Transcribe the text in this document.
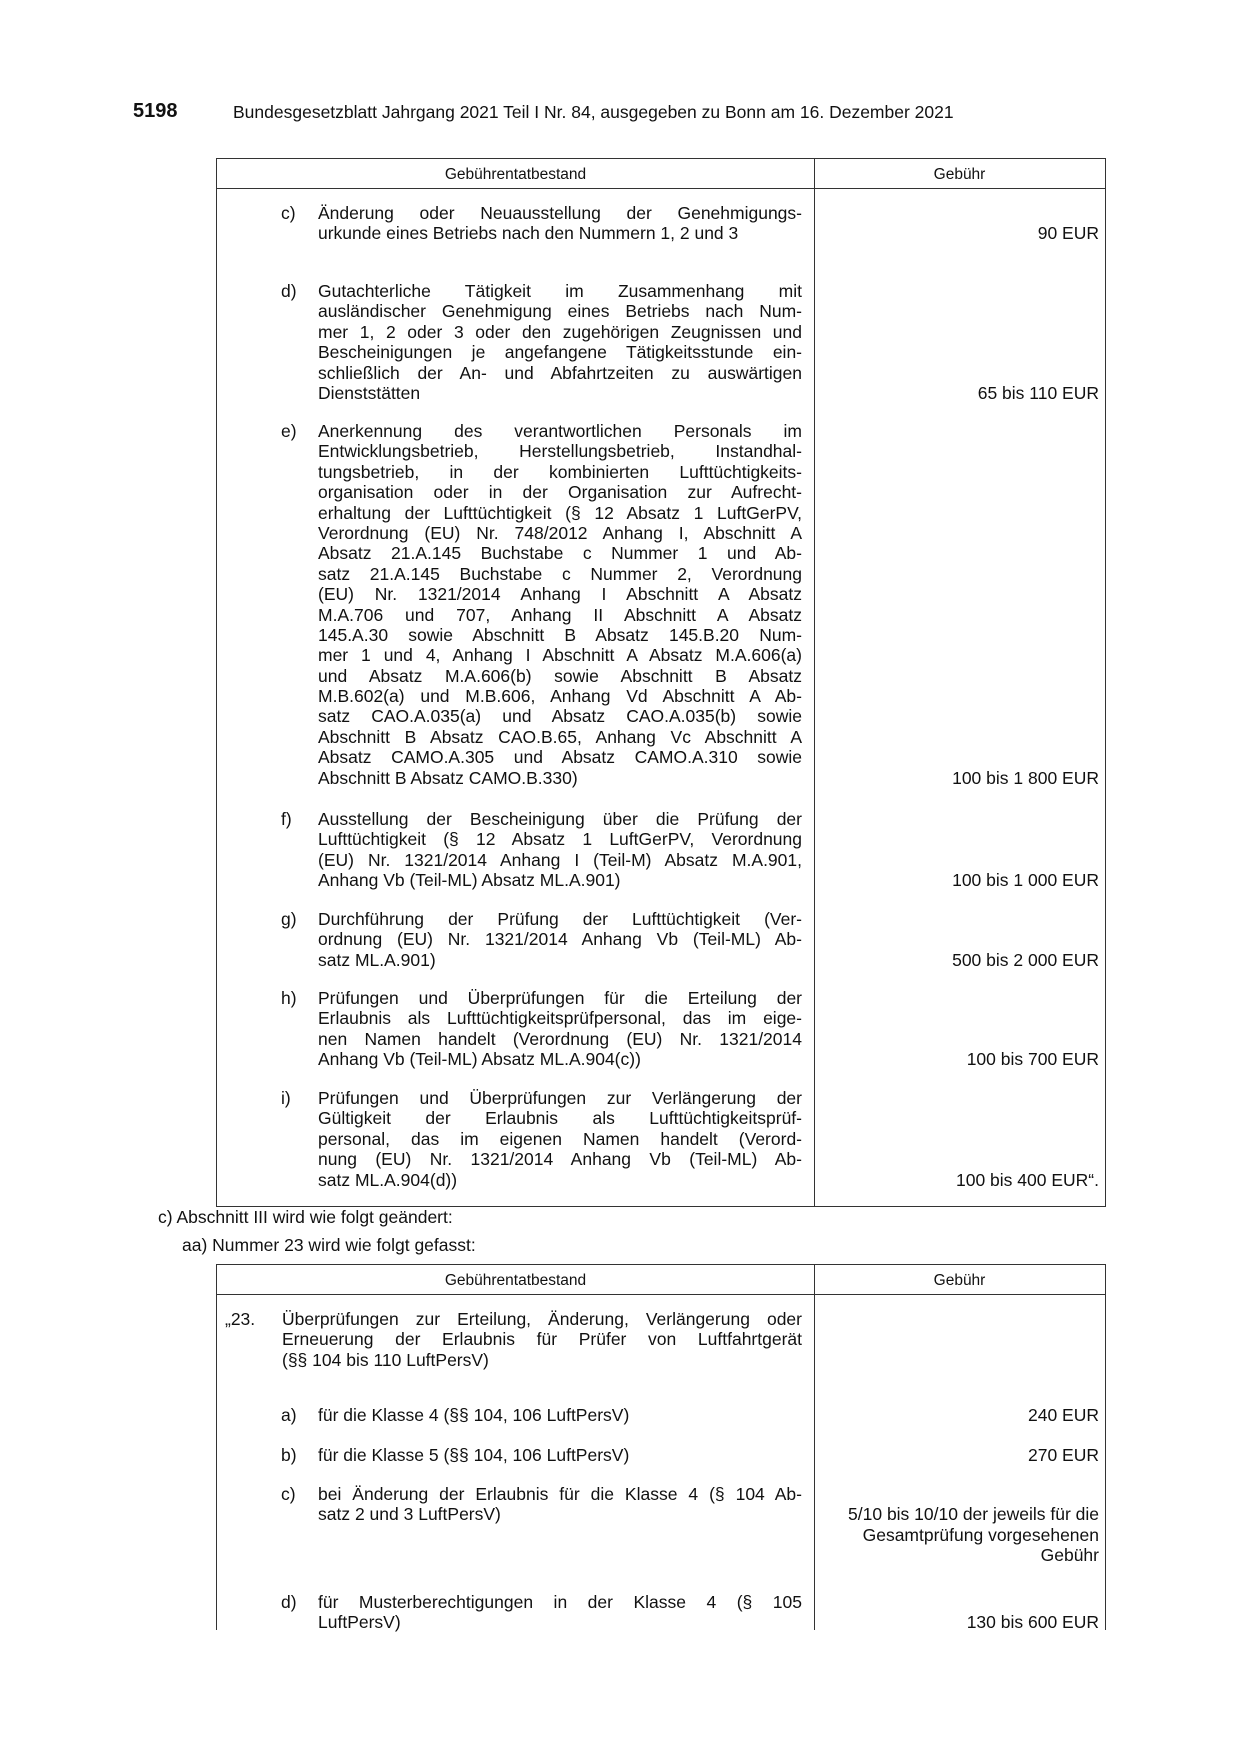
5198	Bundesgesetzblatt Jahrgang 2021 Teil I Nr. 84, ausgegeben zu Bonn am 16. Dezember 2021
Gebührentatbestand	Gebühr
c) Änderung oder Neuausstellung der Genehmigungs-
urkunde eines Betriebs nach den Nummern 1, 2 und 3	90 EUR
d) Gutachterliche Tätigkeit im Zusammenhang mit
ausländischer Genehmigung eines Betriebs nach Num-
mer 1, 2 oder 3 oder den zugehörigen Zeugnissen und
Bescheinigungen je angefangene Tätigkeitsstunde ein-
schließlich der An- und Abfahrtzeiten zu auswärtigen
Dienststätten	65 bis 110 EUR
e) Anerkennung des verantwortlichen Personals im
Entwicklungsbetrieb, Herstellungsbetrieb, Instandhal-
tungsbetrieb, in der kombinierten Lufttüchtigkeits-
organisation oder in der Organisation zur Aufrecht-
erhaltung der Lufttüchtigkeit (§ 12 Absatz 1 LuftGerPV,
Verordnung (EU) Nr. 748/2012 Anhang I, Abschnitt A
Absatz 21.A.145 Buchstabe c Nummer 1 und Ab-
satz 21.A.145 Buchstabe c Nummer 2, Verordnung
(EU) Nr. 1321/2014 Anhang I Abschnitt A Absatz
M.A.706 und 707, Anhang II Abschnitt A Absatz
145.A.30 sowie Abschnitt B Absatz 145.B.20 Num-
mer 1 und 4, Anhang I Abschnitt A Absatz M.A.606(a)
und Absatz M.A.606(b) sowie Abschnitt B Absatz
M.B.602(a) und M.B.606, Anhang Vd Abschnitt A Ab-
satz CAO.A.035(a) und Absatz CAO.A.035(b) sowie
Abschnitt B Absatz CAO.B.65, Anhang Vc Abschnitt A
Absatz CAMO.A.305 und Absatz CAMO.A.310 sowie
Abschnitt B Absatz CAMO.B.330)	100 bis 1 800 EUR
f) Ausstellung der Bescheinigung über die Prüfung der
Lufttüchtigkeit (§ 12 Absatz 1 LuftGerPV, Verordnung
(EU) Nr. 1321/2014 Anhang I (Teil-M) Absatz M.A.901,
Anhang Vb (Teil-ML) Absatz ML.A.901)	100 bis 1 000 EUR
g) Durchführung der Prüfung der Lufttüchtigkeit (Ver-
ordnung (EU) Nr. 1321/2014 Anhang Vb (Teil-ML) Ab-
satz ML.A.901)	500 bis 2 000 EUR
h) Prüfungen und Überprüfungen für die Erteilung der
Erlaubnis als Lufttüchtigkeitsprüfpersonal, das im eige-
nen Namen handelt (Verordnung (EU) Nr. 1321/2014
Anhang Vb (Teil-ML) Absatz ML.A.904(c))	100 bis 700 EUR
i) Prüfungen und Überprüfungen zur Verlängerung der
Gültigkeit der Erlaubnis als Lufttüchtigkeitsprüf-
personal, das im eigenen Namen handelt (Verord-
nung (EU) Nr. 1321/2014 Anhang Vb (Teil-ML) Ab-
satz ML.A.904(d))	100 bis 400 EUR“.
c) Abschnitt III wird wie folgt geändert:
aa) Nummer 23 wird wie folgt gefasst:
Gebührentatbestand	Gebühr
„23. Überprüfungen zur Erteilung, Änderung, Verlängerung oder
Erneuerung der Erlaubnis für Prüfer von Luftfahrtgerät
(§§ 104 bis 110 LuftPersV)
a) für die Klasse 4 (§§ 104, 106 LuftPersV)	240 EUR
b) für die Klasse 5 (§§ 104, 106 LuftPersV)	270 EUR
c) bei Änderung der Erlaubnis für die Klasse 4 (§ 104 Ab-
satz 2 und 3 LuftPersV)	5/10 bis 10/10 der jeweils für die
Gesamtprüfung vorgesehenen
Gebühr
d) für Musterberechtigungen in der Klasse 4 (§ 105
LuftPersV)	130 bis 600 EUR
